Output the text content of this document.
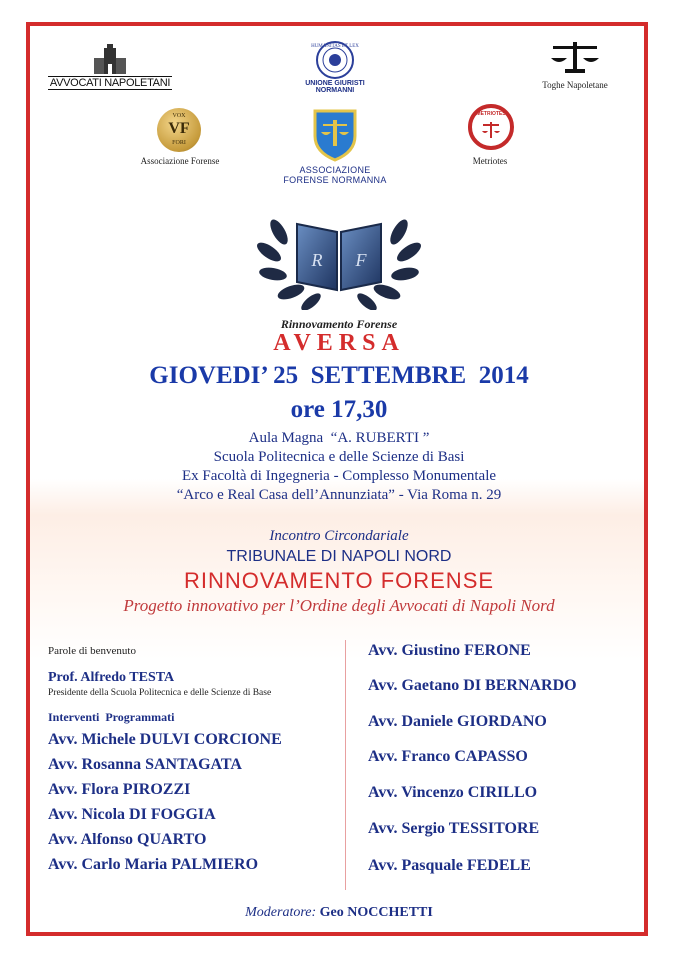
AVVOCATI NAPOLETANI
HUMANITAS ET LEX
UNIONE GIURISTI
NORMANNI
Toghe Napoletane
VOX
VF
FORI
Associazione Forense
ASSOCIAZIONE
FORENSE NORMANNA
METRIOTES
Metriotes
R F
Rinnovamento Forense
AVERSA
GIOVEDI’ 25  SETTEMBRE  2014
ore 17,30
Aula Magna  “A. RUBERTI ”
Scuola Politecnica e delle Scienze di Basi
Ex Facoltà di Ingegneria - Complesso Monumentale
“Arco e Real Casa dell’Annunziata” - Via Roma n. 29
Incontro Circondariale
TRIBUNALE DI NAPOLI NORD
RINNOVAMENTO FORENSE
Progetto innovativo per l’Ordine degli Avvocati di Napoli Nord
Parole di benvenuto
Prof. Alfredo TESTA
Presidente della Scuola Politecnica e delle Scienze di Base
Interventi  Programmati
Avv. Michele DULVI CORCIONE
Avv. Rosanna SANTAGATA
Avv. Flora PIROZZI
Avv. Nicola DI FOGGIA
Avv. Alfonso QUARTO
Avv. Carlo Maria PALMIERO
Avv. Giustino FERONE
Avv. Gaetano DI BERNARDO
Avv. Daniele GIORDANO
Avv. Franco CAPASSO
Avv. Vincenzo CIRILLO
Avv. Sergio TESSITORE
Avv. Pasquale FEDELE
Moderatore: Geo NOCCHETTI
